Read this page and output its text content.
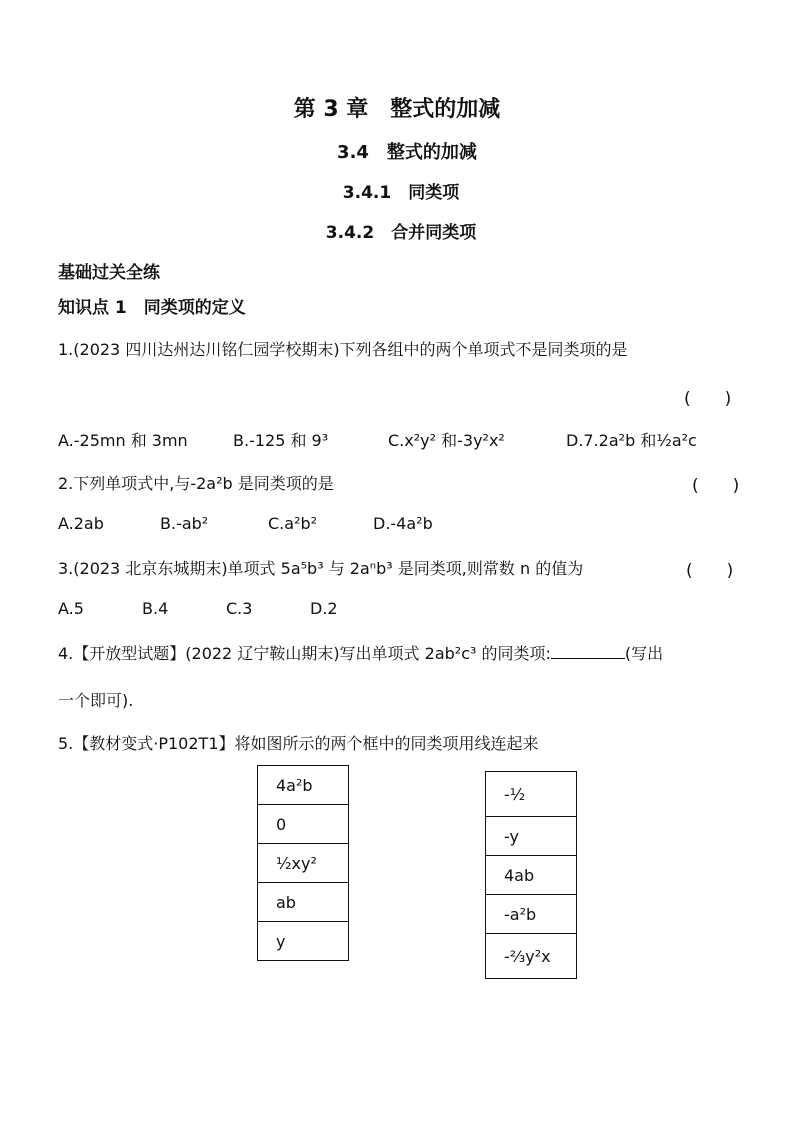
第 3 章　整式的加减
3.4　整式的加减
3.4.1　同类项
3.4.2　合并同类项
基础过关全练
知识点 1　同类项的定义
1.(2023 四川达州达川铭仁园学校期末)下列各组中的两个单项式不是同类项的是
(　　)
A.-25mn 和 3mn	B.-125 和 9³	C.x²y² 和-3y²x²	D.7.2a²b 和½a²c
2.下列单项式中,与-2a²b 是同类项的是	(　　)
A.2ab	B.-ab²	C.a²b²	D.-4a²b
3.(2023 北京东城期末)单项式 5a⁵b³ 与 2aⁿb³ 是同类项,则常数 n 的值为	(　　)
A.5	B.4	C.3	D.2
4.【开放型试题】(2022 辽宁鞍山期末)写出单项式 2ab²c³ 的同类项:	(写出
一个即可).
5.【教材变式·P102T1】将如图所示的两个框中的同类项用线连起来
4a²b
0
½xy²
ab
y
-½
-y
4ab
-a²b
-⅔y²x
